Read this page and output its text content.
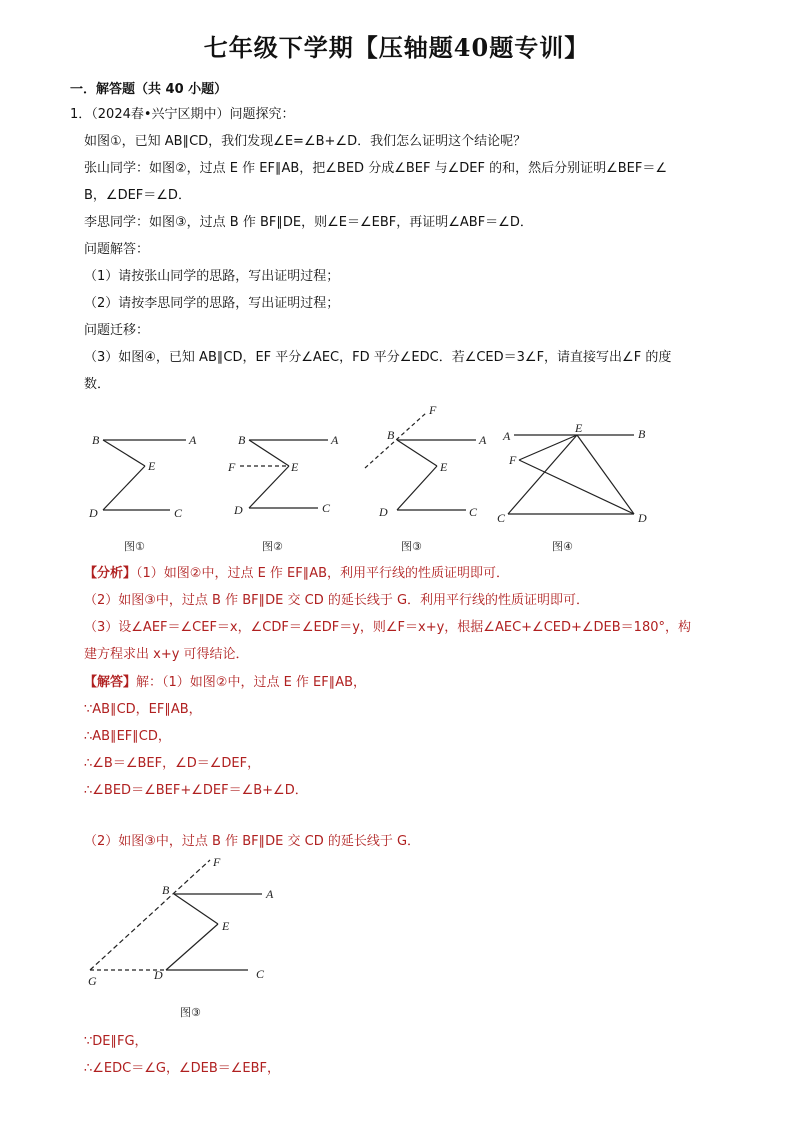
七年级下学期【压轴题40题专训】
一．解答题（共 40 小题）
1．（2024春•兴宁区期中）问题探究：
如图①，已知 AB∥CD，我们发现∠E=∠B+∠D．我们怎么证明这个结论呢？
张山同学：如图②，过点 E 作 EF∥AB，把∠BED 分成∠BEF 与∠DEF 的和，然后分别证明∠BEF＝∠
B，∠DEF＝∠D．
李思同学：如图③，过点 B 作 BF∥DE，则∠E＝∠EBF，再证明∠ABF＝∠D．
问题解答：
（1）请按张山同学的思路，写出证明过程；
（2）请按李思同学的思路，写出证明过程；
问题迁移：
（3）如图④，已知 AB∥CD，EF 平分∠AEC，FD 平分∠EDC．若∠CED＝3∠F，请直接写出∠F 的度
数．
B	A
E
D	C
图①
B	A
F	E
D	C
图②
F
B	A
E
D	C
图③
A
E	B
F
C	D
图④
【分析】（1）如图②中，过点 E 作 EF∥AB，利用平行线的性质证明即可．
（2）如图③中，过点 B 作 BF∥DE 交 CD 的延长线于 G．利用平行线的性质证明即可．
（3）设∠AEF＝∠CEF＝x，∠CDF＝∠EDF＝y，则∠F＝x+y，根据∠AEC+∠CED+∠DEB＝180°，构
建方程求出 x+y 可得结论．
【解答】解：（1）如图②中，过点 E 作 EF∥AB，
∵AB∥CD，EF∥AB，
∴AB∥EF∥CD，
∴∠B＝∠BEF，∠D＝∠DEF，
∴∠BED＝∠BEF+∠DEF＝∠B+∠D．
（2）如图③中，过点 B 作 BF∥DE 交 CD 的延长线于 G．
F
B	A
E
G	D	C
图③
∵DE∥FG，
∴∠EDC＝∠G，∠DEB＝∠EBF，
